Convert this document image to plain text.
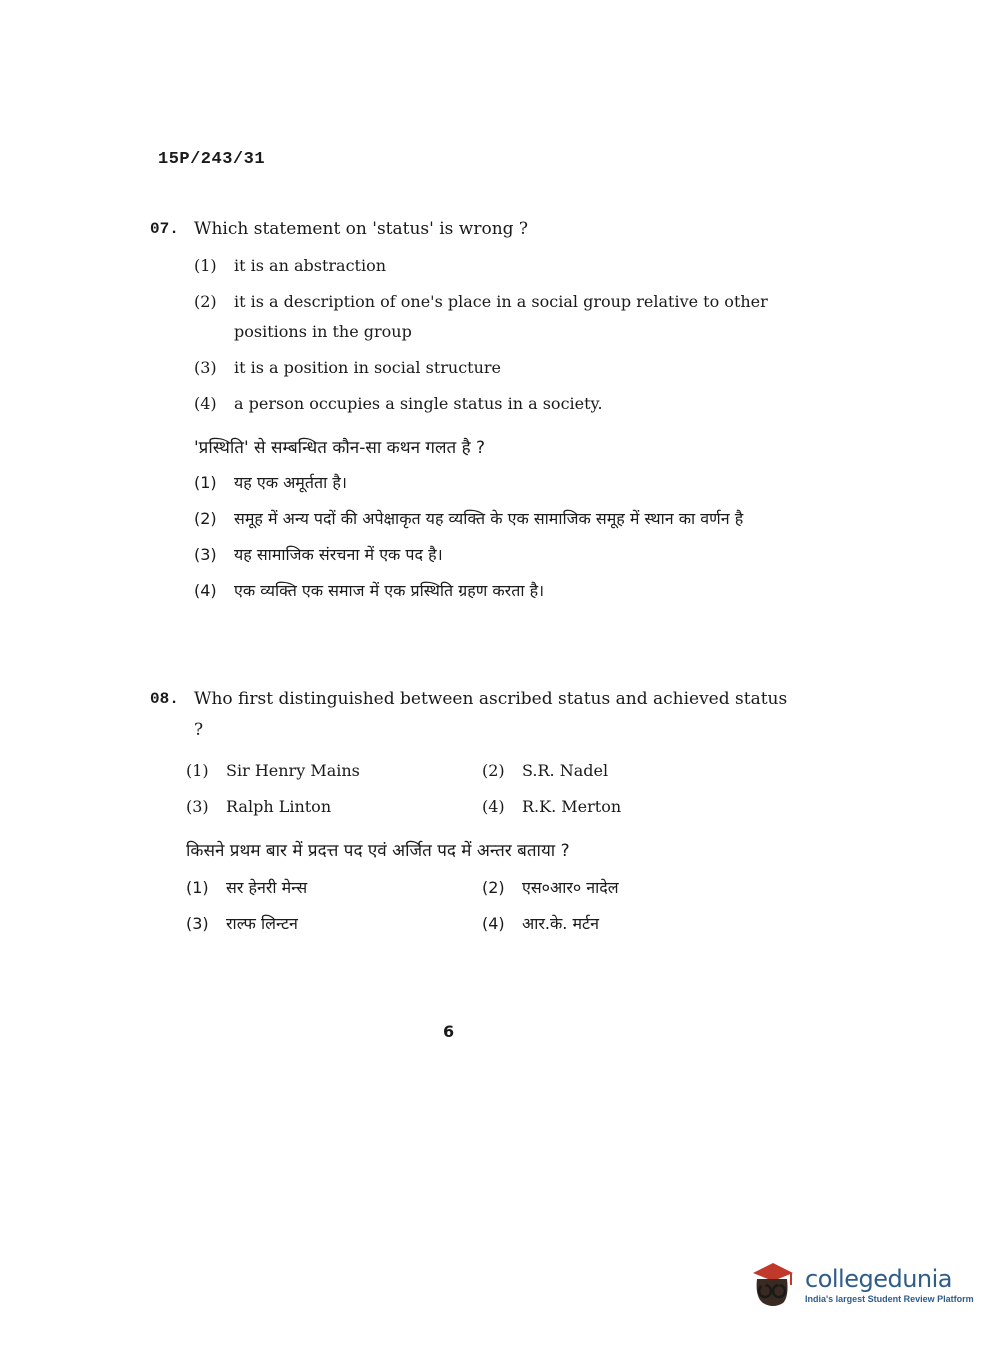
15P/243/31
07. Which statement on 'status' is wrong ?
(1)	it is an abstraction
(2)	it is a description of one's place in a social group relative to other positions in the group
(3)	it is a position in social structure
(4)	a person occupies a single status in a society.
'प्रस्थिति' से सम्बन्धित कौन-सा कथन गलत है ?
(1)	यह एक अमूर्तता है।
(2)	समूह में अन्य पदों की अपेक्षाकृत यह व्यक्ति के एक सामाजिक समूह में स्थान का वर्णन है
(3)	यह सामाजिक संरचना में एक पद है।
(4)	एक व्यक्ति एक समाज में एक प्रस्थिति ग्रहण करता है।
08. Who first distinguished between ascribed status and achieved status ?
(1)	Sir Henry Mains	(2)	S.R. Nadel
(3)	Ralph Linton	(4)	R.K. Merton
किसने प्रथम बार में प्रदत्त पद एवं अर्जित पद में अन्तर बताया ?
(1)	सर हेनरी मेन्स	(2)	एस०आर० नादेल
(3)	राल्फ लिन्टन	(4)	आर.के. मर्टन
6
collegedunia
India's largest Student Review Platform
